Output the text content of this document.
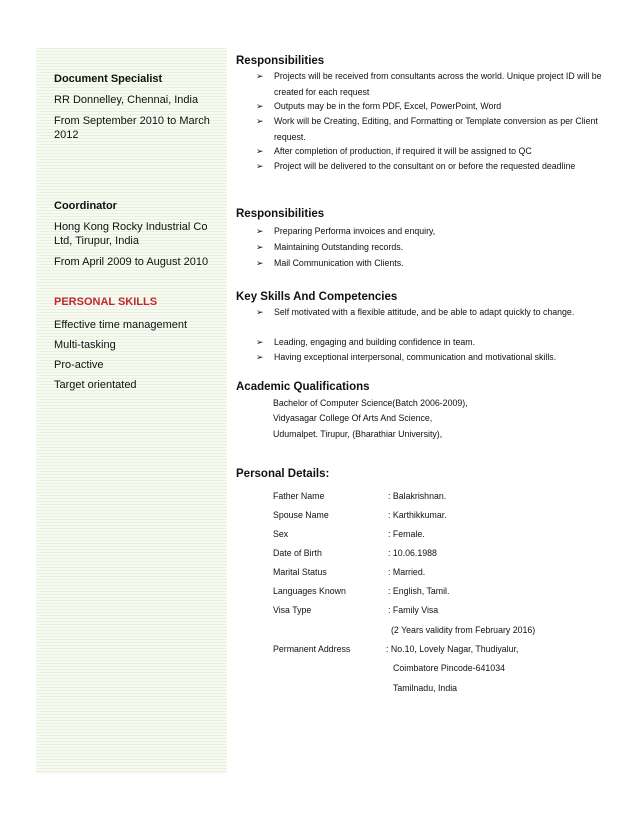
Document Specialist
RR Donnelley, Chennai, India
From September 2010 to March 2012
Coordinator
Hong Kong Rocky Industrial Co Ltd, Tirupur, India
From April 2009 to August 2010
PERSONAL SKILLS
Effective time management
Multi-tasking
Pro-active
Target orientated
Responsibilities
➢ Projects will be received from consultants across the world. Unique project ID will be created for each request
➢ Outputs may be in the form PDF, Excel, PowerPoint, Word
➢ Work will be Creating, Editing, and Formatting or Template conversion as per Client request.
➢ After completion of production, if required it will be assigned to QC
➢ Project will be delivered to the consultant on or before the requested deadline
Responsibilities
➢ Preparing Performa invoices and enquiry,
➢ Maintaining Outstanding records.
➢ Mail Communication with Clients.
Key Skills And Competencies
➢ Self motivated with a flexible attitude, and be able to adapt quickly to change.
➢ Leading, engaging and building confidence in team.
➢ Having exceptional interpersonal, communication and motivational skills.
Academic Qualifications
Bachelor of Computer Science(Batch 2006-2009),
Vidyasagar College Of Arts And Science,
Udumalpet. Tirupur, (Bharathiar University),
Personal Details:
Father Name	: Balakrishnan.
Spouse Name	: Karthikkumar.
Sex	: Female.
Date of Birth	: 10.06.1988
Marital Status	: Married.
Languages Known	: English, Tamil.
Visa Type	: Family Visa
(2 Years validity from February 2016)
Permanent Address	: No.10, Lovely Nagar, Thudiyalur,
Coimbatore Pincode-641034
Tamilnadu, India
